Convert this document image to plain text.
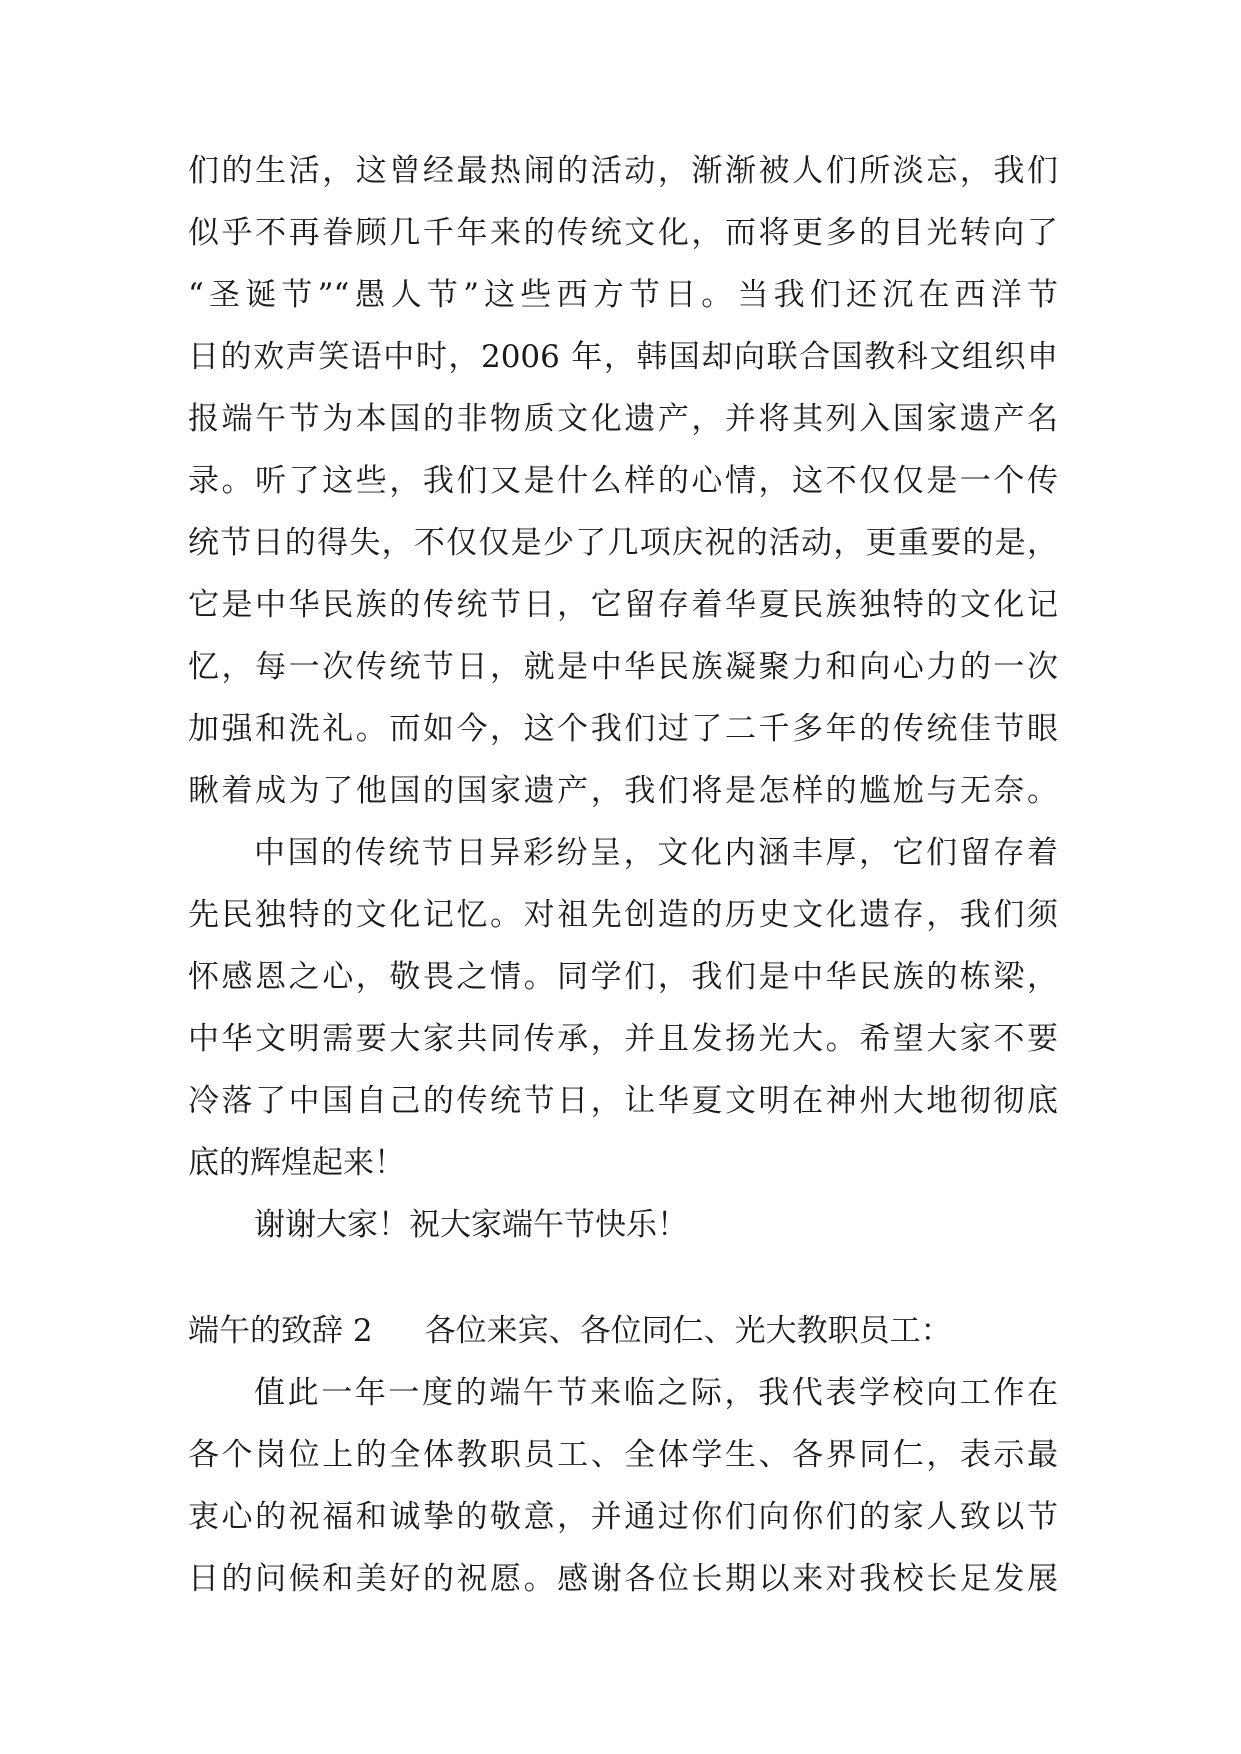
们的生活，这曾经最热闹的活动，渐渐被人们所淡忘，我们
似乎不再眷顾几千年来的传统文化，而将更多的目光转向了
“圣诞节”“愚人节”这些西方节日。当我们还沉在西洋节
日的欢声笑语中时，2006 年，韩国却向联合国教科文组织申
报端午节为本国的非物质文化遗产，并将其列入国家遗产名
录。听了这些，我们又是什么样的心情，这不仅仅是一个传
统节日的得失，不仅仅是少了几项庆祝的活动，更重要的是，
它是中华民族的传统节日，它留存着华夏民族独特的文化记
忆，每一次传统节日，就是中华民族凝聚力和向心力的一次
加强和洗礼。而如今，这个我们过了二千多年的传统佳节眼
瞅着成为了他国的国家遗产，我们将是怎样的尴尬与无奈。
中国的传统节日异彩纷呈，文化内涵丰厚，它们留存着
先民独特的文化记忆。对祖先创造的历史文化遗存，我们须
怀感恩之心，敬畏之情。同学们，我们是中华民族的栋梁，
中华文明需要大家共同传承，并且发扬光大。希望大家不要
冷落了中国自己的传统节日，让华夏文明在神州大地彻彻底
底的辉煌起来！
谢谢大家！祝大家端午节快乐！
端午的致辞 2 各位来宾、各位同仁、光大教职员工：
值此一年一度的端午节来临之际，我代表学校向工作在
各个岗位上的全体教职员工、全体学生、各界同仁，表示最
衷心的祝福和诚挚的敬意，并通过你们向你们的家人致以节
日的问候和美好的祝愿。感谢各位长期以来对我校长足发展
